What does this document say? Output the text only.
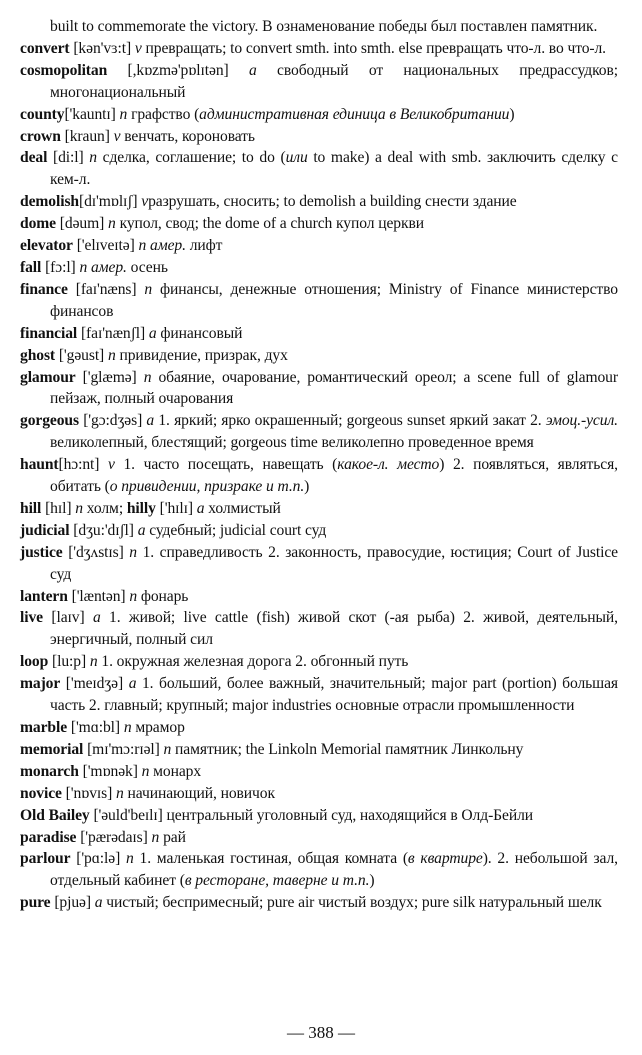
built to commemorate the victory. В ознаменование победы был поставлен памятник.

convert [kən'vɜ:t] v превращать; to convert smth. into smth. else превращать что-л. во что-л.

cosmopolitan [,kɒzmə'pɒlɪtən] a свободный от национальных предрассудков; многонациональный

county['kauntɪ] n графство (административная единица в Великобритании)

crown [kraun] v венчать, короновать

deal [di:l] n сделка, соглашение; to do (или to make) a deal with smb. заключить сделку с кем-л.

demolish[dɪ'mɒlɪʃ] vразрушать, сносить; to demolish a building снести здание

dome [dəum] n купол, свод; the dome of a church купол церкви

elevator ['elɪveɪtə] n амер. лифт

fall [fɔ:l] n амер. осень

finance [faɪ'næns] n финансы, денежные отношения; Ministry of Finance министерство финансов

financial [faɪ'nænʃl] a финансовый

ghost ['gəust] n привидение, призрак, дух

glamour ['glæmə] n обаяние, очарование, романтический ореол; a scene full of glamour пейзаж, полный очарования

gorgeous ['gɔ:dʒəs] a 1. яркий; ярко окрашенный; gorgeous sunset яркий закат 2. эмоц.-усил. великолепный, блестящий; gorgeous time великолепно проведенное время

haunt[hɔ:nt] v 1. часто посещать, навещать (какое-л. место) 2. появляться, являться, обитать (о привидении, призраке и т.п.)

hill [hɪl] n холм; hilly ['hɪlɪ] a холмистый

judicial [dʒu:'dɪʃl] a судебный; judicial court суд

justice ['dʒʌstɪs] n 1. справедливость 2. законность, правосудие, юстиция; Court of Justice суд

lantern ['læntən] n фонарь

live [laɪv] a 1. живой; live cattle (fish) живой скот (-ая рыба) 2. живой, деятельный, энергичный, полный сил

loop [lu:p] n 1. окружная железная дорога 2. обгонный путь

major ['meɪdʒə] a 1. больший, более важный, значительный; major part (portion) большая часть 2. главный; крупный; major industries основные отрасли промышленности

marble ['mɑ:bl] n мрамор

memorial [mɪ'mɔ:rɪəl] n памятник; the Linkoln Memorial памятник Линкольну

monarch ['mɒnək] n монарх

novice ['nɒvɪs] n начинающий, новичок

Old Bailey ['əuld'beɪlɪ] центральный уголовный суд, находящийся в Олд-Бейли

paradise ['pærədaɪs] n рай

parlour ['pɑ:lə] n 1. маленькая гостиная, общая комната (в квартире). 2. небольшой зал, отдельный кабинет (в ресторане, таверне и т.п.)

pure [pjuə] a чистый; беспримесный; pure air чистый воздух; pure silk натуральный шелк

— 388 —
